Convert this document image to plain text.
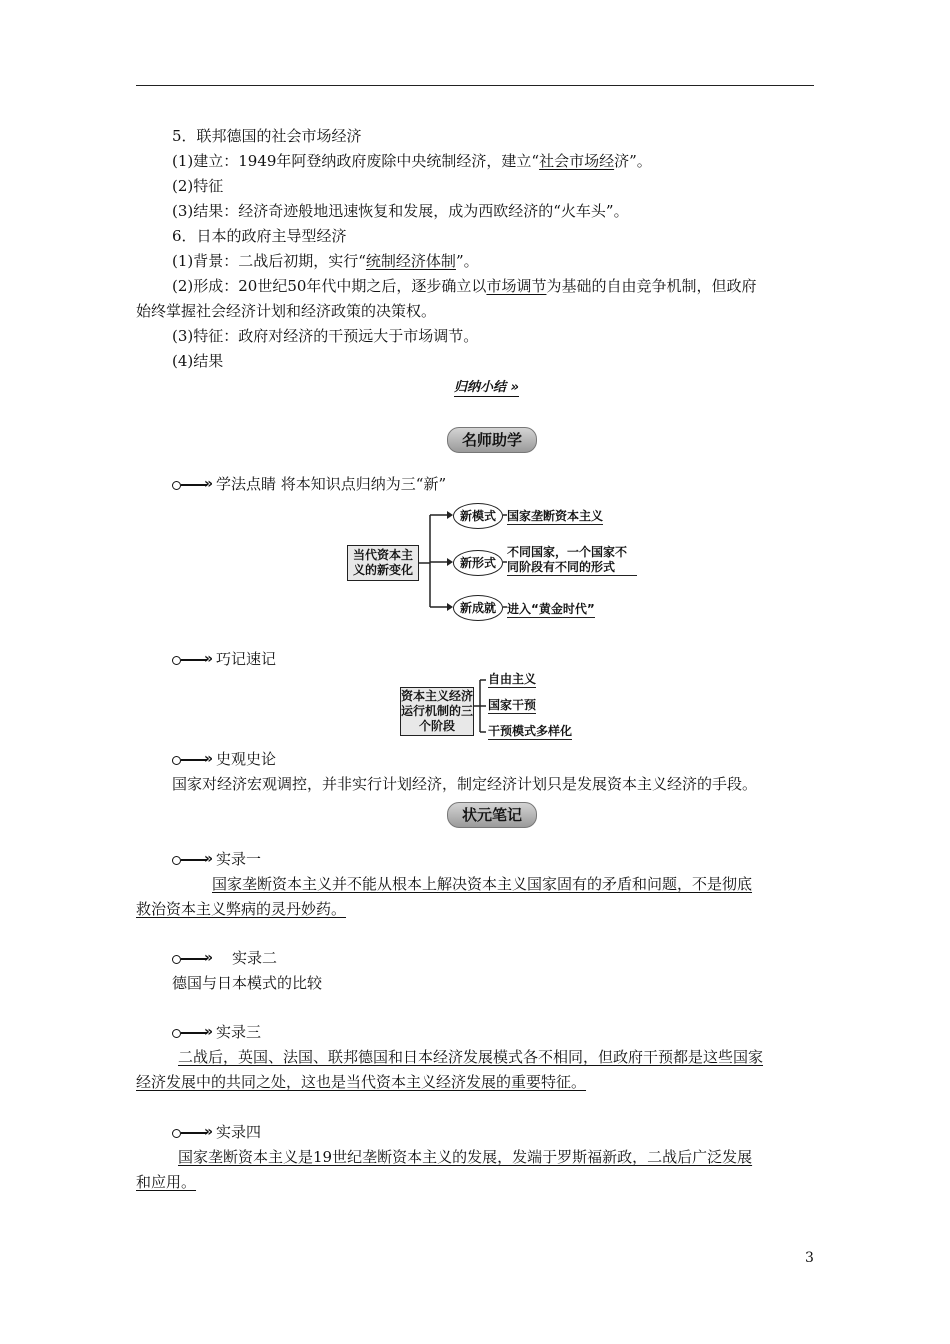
5．联邦德国的社会市场经济
(1)建立：1949年阿登纳政府废除中央统制经济，建立“社会市场经济”。
(2)特征
(3)结果：经济奇迹般地迅速恢复和发展，成为西欧经济的“火车头”。
6．日本的政府主导型经济
(1)背景：二战后初期，实行“统制经济体制”。
(2)形成：20世纪50年代中期之后，逐步确立以市场调节为基础的自由竞争机制，但政府
始终掌握社会经济计划和经济政策的决策权。
(3)特征：政府对经济的干预远大于市场调节。
(4)结果
归纳小结 »
名师助学
» 学法点睛 将本知识点归纳为三“新”
当代资本主义的新变化
新模式 国家垄断资本主义
新形式
不同国家，一个国家不同阶段有不同的形式
新成就 进入“黄金时代”
» 巧记速记
资本主义经济运行机制的三个阶段
自由主义
国家干预
干预模式多样化
» 史观史论
国家对经济宏观调控，并非实行计划经济，制定经济计划只是发展资本主义经济的手段。
状元笔记
» 实录一
国家垄断资本主义并不能从根本上解决资本主义国家固有的矛盾和问题，不是彻底
救治资本主义弊病的灵丹妙药。
» 实录二
德国与日本模式的比较
» 实录三
二战后，英国、法国、联邦德国和日本经济发展模式各不相同，但政府干预都是这些国家
经济发展中的共同之处，这也是当代资本主义经济发展的重要特征。
» 实录四
国家垄断资本主义是19世纪垄断资本主义的发展，发端于罗斯福新政，二战后广泛发展
和应用。
3
